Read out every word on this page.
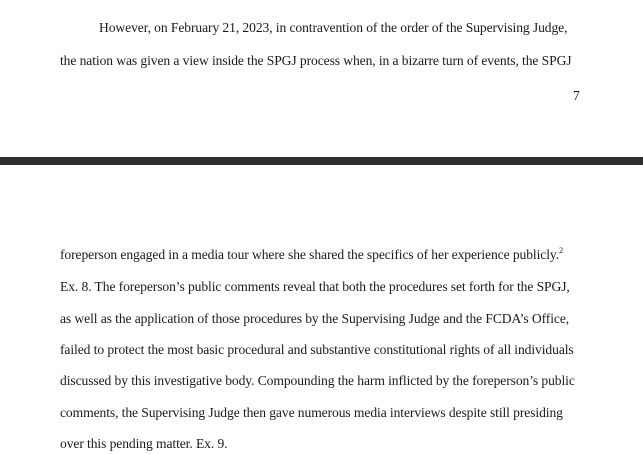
However, on February 21, 2023, in contravention of the order of the Supervising Judge,
the nation was given a view inside the SPGJ process when, in a bizarre turn of events, the SPGJ
7
foreperson engaged in a media tour where she shared the specifics of her experience publicly.$^2$
Ex. 8. The foreperson’s public comments reveal that both the procedures set forth for the SPGJ,
as well as the application of those procedures by the Supervising Judge and the FCDA’s Office,
failed to protect the most basic procedural and substantive constitutional rights of all individuals
discussed by this investigative body. Compounding the harm inflicted by the foreperson’s public
comments, the Supervising Judge then gave numerous media interviews despite still presiding
over this pending matter. Ex. 9.
